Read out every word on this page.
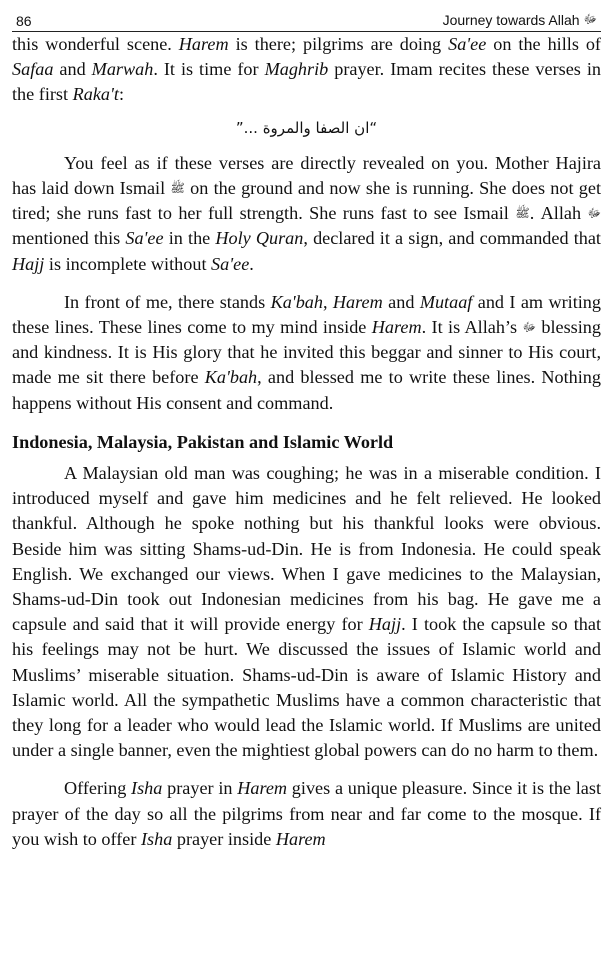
86	Journey towards Allah ﷻ

this wonderful scene. Harem is there; pilgrims are doing Sa'ee on the hills of Safaa and Marwah. It is time for Maghrib prayer. Imam recites these verses in the first Raka't:

“ان الصفا والمروة ...”

You feel as if these verses are directly revealed on you. Mother Hajira has laid down Ismail ﷺ on the ground and now she is running. She does not get tired; she runs fast to her full strength. She runs fast to see Ismail ﷺ. Allah ﷻ mentioned this Sa'ee in the Holy Quran, declared it a sign, and commanded that Hajj is incomplete without Sa'ee.

In front of me, there stands Ka'bah, Harem and Mutaaf and I am writing these lines. These lines come to my mind inside Harem. It is Allah’s ﷻ blessing and kindness. It is His glory that he invited this beggar and sinner to His court, made me sit there before Ka'bah, and blessed me to write these lines. Nothing happens without His consent and command.

Indonesia, Malaysia, Pakistan and Islamic World

A Malaysian old man was coughing; he was in a miserable condition. I introduced myself and gave him medicines and he felt relieved. He looked thankful. Although he spoke nothing but his thankful looks were obvious. Beside him was sitting Shams-ud-Din. He is from Indonesia. He could speak English. We exchanged our views. When I gave medicines to the Malaysian, Shams-ud-Din took out Indonesian medicines from his bag. He gave me a capsule and said that it will provide energy for Hajj. I took the capsule so that his feelings may not be hurt. We discussed the issues of Islamic world and Muslims’ miserable situation. Shams-ud-Din is aware of Islamic History and Islamic world. All the sympathetic Muslims have a common characteristic that they long for a leader who would lead the Islamic world. If Muslims are united under a single banner, even the mightiest global powers can do no harm to them.

Offering Isha prayer in Harem gives a unique pleasure. Since it is the last prayer of the day so all the pilgrims from near and far come to the mosque. If you wish to offer Isha prayer inside Harem
